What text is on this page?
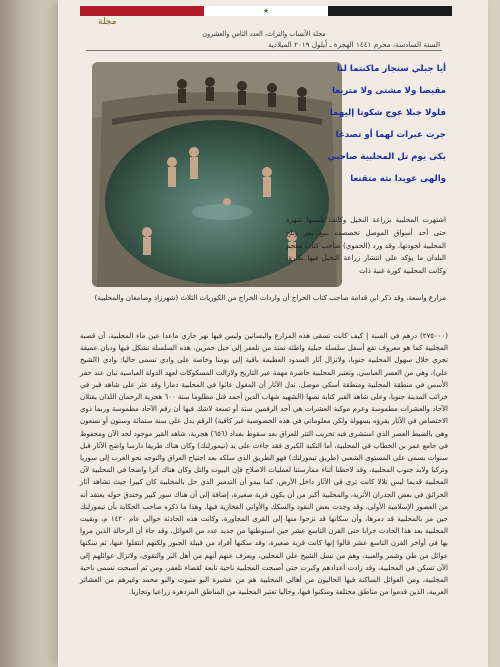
★
مجلة
مجلة الأنساب والتراث، العدد الثامن والعشرون
السنة السادسة، محرم ١٤٤١ الهجرة ـ أيلول ٢٠١٩ الميلادية
أيا جبلي سنجار ماكنتما لنا
مقيضا ولا مشتى ولا متربعا
فلولا جبلا عوج شكونا إليهما
جرت عبرات لهما أو تصدعا
بكى يوم تل المحلبية صاحبي
والهى عويدا بثه متقنعا
اشتهرت المحلبية بزراعة النخيل وكانت تلبسها شهرة حتى أحد أسواق الموصل تخصصت ببيع تمر وبلح المحلبية لجودتها، وقد ورد (الحموي) صاحب كتاب معجم البلدان ما يؤكد على انتشار زراعة النخيل فيها بكثرة، وكانت المحلبية كورة غنية ذات
مزارع واسعة، وقد ذكر ابن قدامة صاحب كتاب الخراج أن واردات الخراج من الكوريات الثلاث (شهرزاد وصامغان والمحلبية)
(٢٧٥٠٠٠) درهم في السنة | كيف كانت تسقى هذه المزارع والبساتين وليس فيها نهر جاري ماعدا عين ماء المحلبية، أن قصبة المحلبية كما هو معروف تقع أسفل سلسلة جبلية واطئة تمتد من تلعفر إلى جبل حمرين، هذه السلسلة تشكل فيها وديان عميقة تجري خلال سهول المحلبية جنوبا، ولاتزال آثار السدود العظيمة باقية إلى يومنا وخاصة على وادي تسمى حاليا: وادي (الشيخ علي)، وهي من العصر العباسي. وتعتبر المحلبية حاضرة مهمة عبر التاريخ ولازالت المسكوكات لعهد الدولة العباسية تبان عند حفر الأسس في منطقة المحلبية ومنطقة أسكي موصل. تدل الآثار أن المغول عاثوا في المحلبية دمارا وقد عثر على شاهد قبر في خرائب المدينة جنوبا، وعلى شاهد القبر كتابة نصها (الشهيد شهاب الدين أحمد قتل مظلوما سنة ٦٠٠ هجرية الرحمان اللذان يقتلان الآحاد والعشرات مطموسة وعرم موكبة العشرات هي أحد الرقمين ستة أو تسعة لاشك فيها أن رقم الآحاد مطموسة وربما ذوي الاختصاص في الآثار يقرؤه بسهولة ولكن معلوماتي في هذه الخصوصية غير كافية) الرقم يدل على سنة ستمائة وستون أو تسعون وهي بالضبط العصر الذي استشرى فيه تخريب التتر للعراق بعد سقوط بغداد (٦٥٦) هجرية، شاهد القبر موجود لحد الآن ومحفوظ في جامع عمر بن الخطاب في المحلبية، أما النكبة الكبرى فقد جاءت على يد (تيمورلنك) وكان هناك طريقا دارسا واضح الآثار قبل سنوات بسمى على المستوى الشعبي (طريق تيمورلنك) فهو الطريق الذي سلكه بعد اجتياح العراق والتوجه نحو الغرب إلى سوريا وتركيا ولابد جنوب المحلبية، وقد لاحظنا أثناء ممارستنا لعمليات الاصلاح فإن البيوت والتل وكان هناك أثرا واضحا في المحلبية لآن المحلبية قديما ليس تلالا كانت ترى في الآثار داخل الأرض، كما يبدو أن التدمير الذي حل بالمحلبية كان كبيرا حيث تشاهد آثار الحرائق في بعض الجدران الأثرية، والمحلبية أكبر من أن يكون قرية صغيرة، إضافة إلى أن هناك سور كبير وخندق حوله يعتقد أنه من العصور الإسلامية الأولى، وقد وجدت بعض النقود والسكك والأواني الفخارية فيها. وهذا ما ذكره صاحب الحكاية بأن تيمورلنك حين مر بالمحلبية قد دمرها، وأن سكانها قد نزحوا منها إلى القرى المجاورة، وكانت هذه الحادثة حوالي عام ١٤٢٠ م، وبقيت المحلبية بعد هذا الحادث خرابا حتى القرن التاسع عشر حين استوطنها من جديد عدد من العوائل، وقد جاء أن الرحالة الذين مروا بها في أواخر القرن التاسع عشر قالوا إنها كانت قرية صغيرة، وقد سكنها أفراد من قبيلة الجبور ولكنهم انتقلوا عنها، ثم سكنها عوائل من طي وشمر والعبيد، وهم من نسل الشيخ علي المحلبي، ويعرف عنهم أنهم من أهل البر والتقوى، ولاتزال عوائلهم إلى الآن تسكن في المحلبية، وقد زادت أعدادهم وكبرت حتى أصبحت المحلبية ناحية تابعة لقضاء تلعفر، ومن ثم أصبحت تسمى ناحية المحلبية، ومن العوائل الساكنة فيها الحاليون من أهالي المحلبية هم من عشيرة البو متيوت والبو محمد وغيرهم من العشائر العربية، الذين قدموا من مناطق مختلفة وسكنوا فيها، وحاليا تعتبر المحلبية من المناطق المزدهرة زراعيا وتجاريا.
